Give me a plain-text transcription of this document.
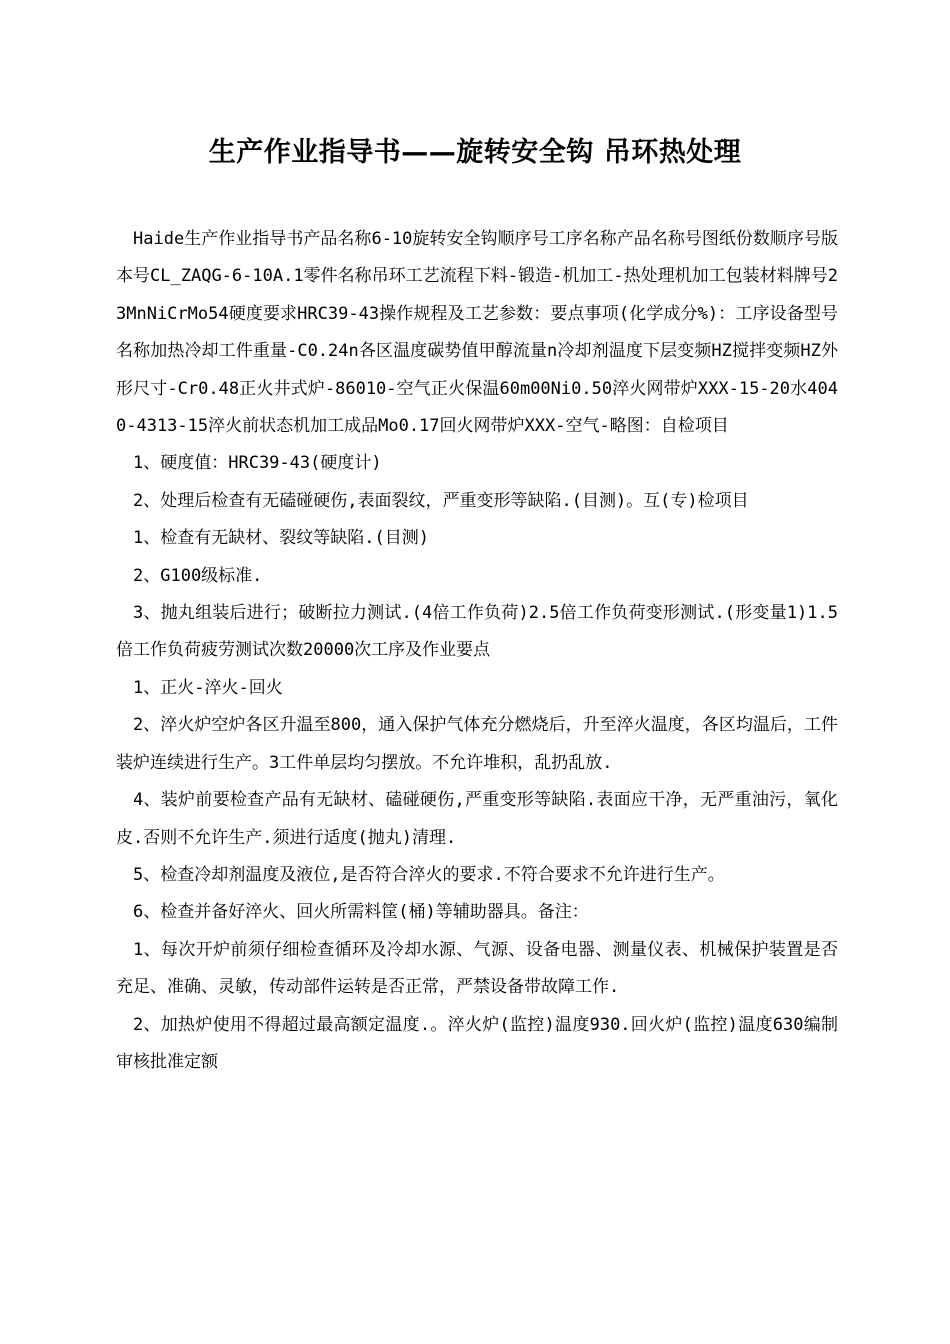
生产作业指导书——旋转安全钩 吊环热处理

Haide生产作业指导书产品名称6-10旋转安全钩顺序号工序名称产品名称号图纸份数顺序号版本号CL_ZAQG-6-10A.1零件名称吊环工艺流程下料-锻造-机加工-热处理机加工包装材料牌号23MnNiCrMo54硬度要求HRC39-43操作规程及工艺参数：要点事项(化学成分%)：工序设备型号名称加热冷却工件重量-C0.24n各区温度碳势值甲醇流量n冷却剂温度下层变频HZ搅拌变频HZ外形尺寸-Cr0.48正火井式炉-86010-空气正火保温60m00Ni0.50淬火网带炉XXX-15-20水4040-4313-15淬火前状态机加工成品Mo0.17回火网带炉XXX-空气-略图：自检项目

1、硬度值：HRC39-43(硬度计)

2、处理后检查有无磕碰硬伤,表面裂纹，严重变形等缺陷.(目测)。互(专)检项目

1、检查有无缺材、裂纹等缺陷.(目测)

2、G100级标准.

3、抛丸组装后进行；破断拉力测试.(4倍工作负荷)2.5倍工作负荷变形测试.(形变量1)1.5倍工作负荷疲劳测试次数20000次工序及作业要点

1、正火-淬火-回火

2、淬火炉空炉各区升温至800，通入保护气体充分燃烧后，升至淬火温度，各区均温后，工件装炉连续进行生产。3工件单层均匀摆放。不允许堆积，乱扔乱放.

4、装炉前要检查产品有无缺材、磕碰硬伤,严重变形等缺陷.表面应干净，无严重油污，氧化皮.否则不允许生产.须进行适度(抛丸)清理.

5、检查冷却剂温度及液位,是否符合淬火的要求.不符合要求不允许进行生产。

6、检查并备好淬火、回火所需料筐(桶)等辅助器具。备注：

1、每次开炉前须仔细检查循环及冷却水源、气源、设备电器、测量仪表、机械保护装置是否充足、准确、灵敏，传动部件运转是否正常，严禁设备带故障工作.

2、加热炉使用不得超过最高额定温度.。淬火炉(监控)温度930.回火炉(监控)温度630编制审核批准定额
